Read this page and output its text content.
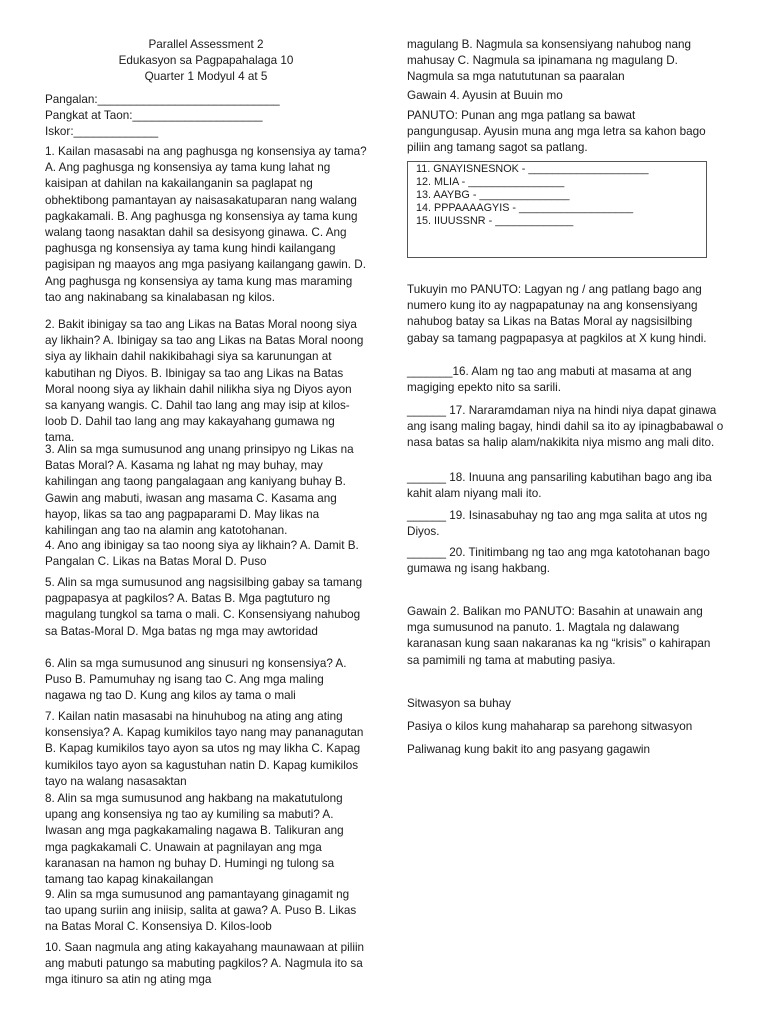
Parallel Assessment 2

Edukasyon sa Pagpapahalaga 10

Quarter 1 Modyul 4 at 5

Pangalan:____________________________

Pangkat at Taon:____________________

Iskor:_____________

1. Kailan masasabi na ang paghusga ng konsensiya ay tama? A. Ang paghusga ng konsensiya ay tama kung lahat ng kaisipan at dahilan na kakailanganin sa paglapat ng obhektibong pamantayan ay naisasakatuparan nang walang pagkakamali. B. Ang paghusga ng konsensiya ay tama kung walang taong nasaktan dahil sa desisyong ginawa. C. Ang paghusga ng konsensiya ay tama kung hindi kailangang pagisipan ng maayos ang mga pasiyang kailangang gawin. D. Ang paghusga ng konsensiya ay tama kung mas maraming tao ang nakinabang sa kinalabasan ng kilos.

2. Bakit ibinigay sa tao ang Likas na Batas Moral noong siya ay likhain? A. Ibinigay sa tao ang Likas na Batas Moral noong siya ay likhain dahil nakikibahagi siya sa karunungan at kabutihan ng Diyos. B. Ibinigay sa tao ang Likas na Batas Moral noong siya ay likhain dahil nilikha siya ng Diyos ayon sa kanyang wangis. C. Dahil tao lang ang may isip at kilos-loob D. Dahil tao lang ang may kakayahang gumawa ng tama.

3. Alin sa mga sumusunod ang unang prinsipyo ng Likas na Batas Moral? A. Kasama ng lahat ng may buhay, may kahilingan ang taong pangalagaan ang kaniyang buhay B. Gawin ang mabuti, iwasan ang masama C. Kasama ang hayop, likas sa tao ang pagpaparami D. May likas na kahilingan ang tao na alamin ang katotohanan.

4. Ano ang ibinigay sa tao noong siya ay likhain? A. Damit B. Pangalan C. Likas na Batas Moral D. Puso

5. Alin sa mga sumusunod ang nagsisilbing gabay sa tamang pagpapasya at pagkilos? A. Batas B. Mga pagtuturo ng magulang tungkol sa tama o mali. C. Konsensiyang nahubog sa Batas-Moral D. Mga batas ng mga may awtoridad

6. Alin sa mga sumusunod ang sinusuri ng konsensiya? A. Puso B. Pamumuhay ng isang tao C. Ang mga maling nagawa ng tao D. Kung ang kilos ay tama o mali

7. Kailan natin masasabi na hinuhubog na ating ang ating konsensiya? A. Kapag kumikilos tayo nang may pananagutan B. Kapag kumikilos tayo ayon sa utos ng may likha C. Kapag kumikilos tayo ayon sa kagustuhan natin D. Kapag kumikilos tayo na walang nasasaktan

8. Alin sa mga sumusunod ang hakbang na makatutulong upang ang konsensiya ng tao ay kumiling sa mabuti? A. Iwasan ang mga pagkakamaling nagawa B. Talikuran ang mga pagkakamali C. Unawain at pagnilayan ang mga karanasan na hamon ng buhay D. Humingi ng tulong sa tamang tao kapag kinakailangan

9. Alin sa mga sumusunod ang pamantayang ginagamit ng tao upang suriin ang iniisip, salita at gawa? A. Puso B. Likas na Batas Moral C. Konsensiya D. Kilos-loob

10. Saan nagmula ang ating kakayahang maunawaan at piliin ang mabuti patungo sa mabuting pagkilos? A. Nagmula ito sa mga itinuro sa atin ng ating mga

magulang B. Nagmula sa konsensiyang nahubog nang mahusay C. Nagmula sa ipinamana ng magulang D. Nagmula sa mga natututunan sa paaralan

Gawain 4. Ayusin at Buuin mo

PANUTO: Punan ang mga patlang sa bawat pangungusap. Ayusin muna ang mga letra sa kahon bago piliin ang tamang sagot sa patlang.

11. GNAYISNESNOK - ____________________

12. MLIA - ________________

13. AAYBG - _______________

14. PPPAAAAGYIS - ___________________

15. IIUUSSNR - _____________

Tukuyin mo PANUTO: Lagyan ng / ang patlang bago ang numero kung ito ay nagpapatunay na ang konsensiyang nahubog batay sa Likas na Batas Moral ay nagsisilbing gabay sa tamang pagpapasya at pagkilos at X kung hindi.

_______16. Alam ng tao ang mabuti at masama at ang magiging epekto nito sa sarili.

______ 17. Nararamdaman niya na hindi niya dapat ginawa ang isang maling bagay, hindi dahil sa ito ay ipinagbabawal o nasa batas sa halip alam/nakikita niya mismo ang mali dito.

______ 18. Inuuna ang pansariling kabutihan bago ang iba kahit alam niyang mali ito.

______ 19. Isinasabuhay ng tao ang mga salita at utos ng Diyos.

______ 20. Tinitimbang ng tao ang mga katotohanan bago gumawa ng isang hakbang.

Gawain 2. Balikan mo PANUTO: Basahin at unawain ang mga sumusunod na panuto. 1. Magtala ng dalawang karanasan kung saan nakaranas ka ng “krisis” o kahirapan sa pamimili ng tama at mabuting pasiya.

Sitwasyon sa buhay

Pasiya o kilos kung mahaharap sa parehong sitwasyon

Paliwanag kung bakit ito ang pasyang gagawin
